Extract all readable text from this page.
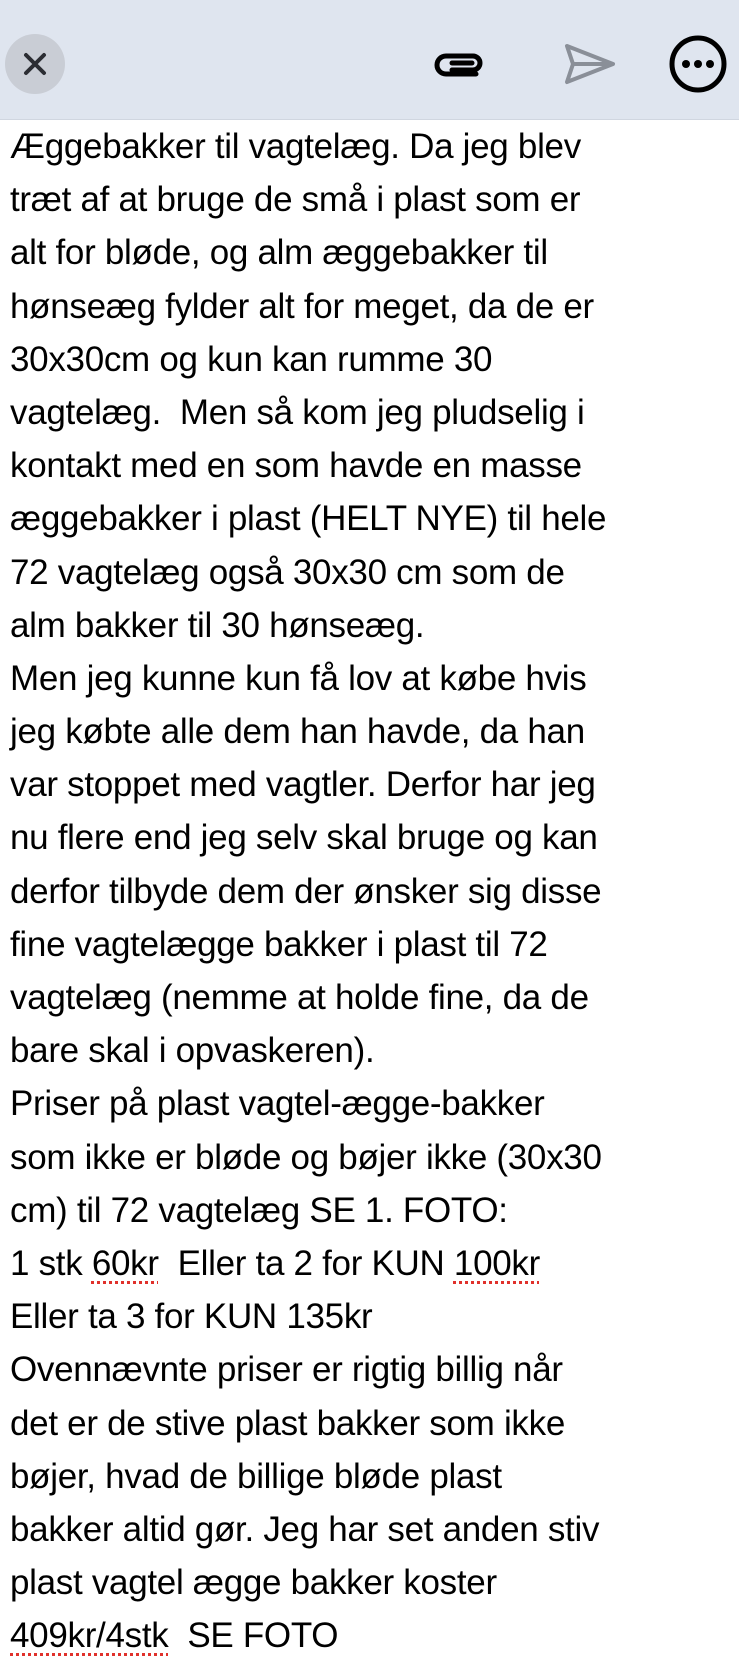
Æggebakker til vagtelæg. Da jeg blev
træt af at bruge de små i plast som er
alt for bløde, og alm æggebakker til
hønseæg fylder alt for meget, da de er
30x30cm og kun kan rumme 30
vagtelæg.  Men så kom jeg pludselig i
kontakt med en som havde en masse
æggebakker i plast (HELT NYE) til hele
72 vagtelæg også 30x30 cm som de
alm bakker til 30 hønseæg.
Men jeg kunne kun få lov at købe hvis
jeg købte alle dem han havde, da han
var stoppet med vagtler. Derfor har jeg
nu flere end jeg selv skal bruge og kan
derfor tilbyde dem der ønsker sig disse
fine vagtelægge bakker i plast til 72
vagtelæg (nemme at holde fine, da de
bare skal i opvaskeren).
Priser på plast vagtel-ægge-bakker
som ikke er bløde og bøjer ikke (30x30
cm) til 72 vagtelæg SE 1. FOTO:
1 stk 60kr  Eller ta 2 for KUN 100kr
Eller ta 3 for KUN 135kr
Ovennævnte priser er rigtig billig når
det er de stive plast bakker som ikke
bøjer, hvad de billige bløde plast
bakker altid gør. Jeg har set anden stiv
plast vagtel ægge bakker koster
409kr/4stk  SE FOTO
